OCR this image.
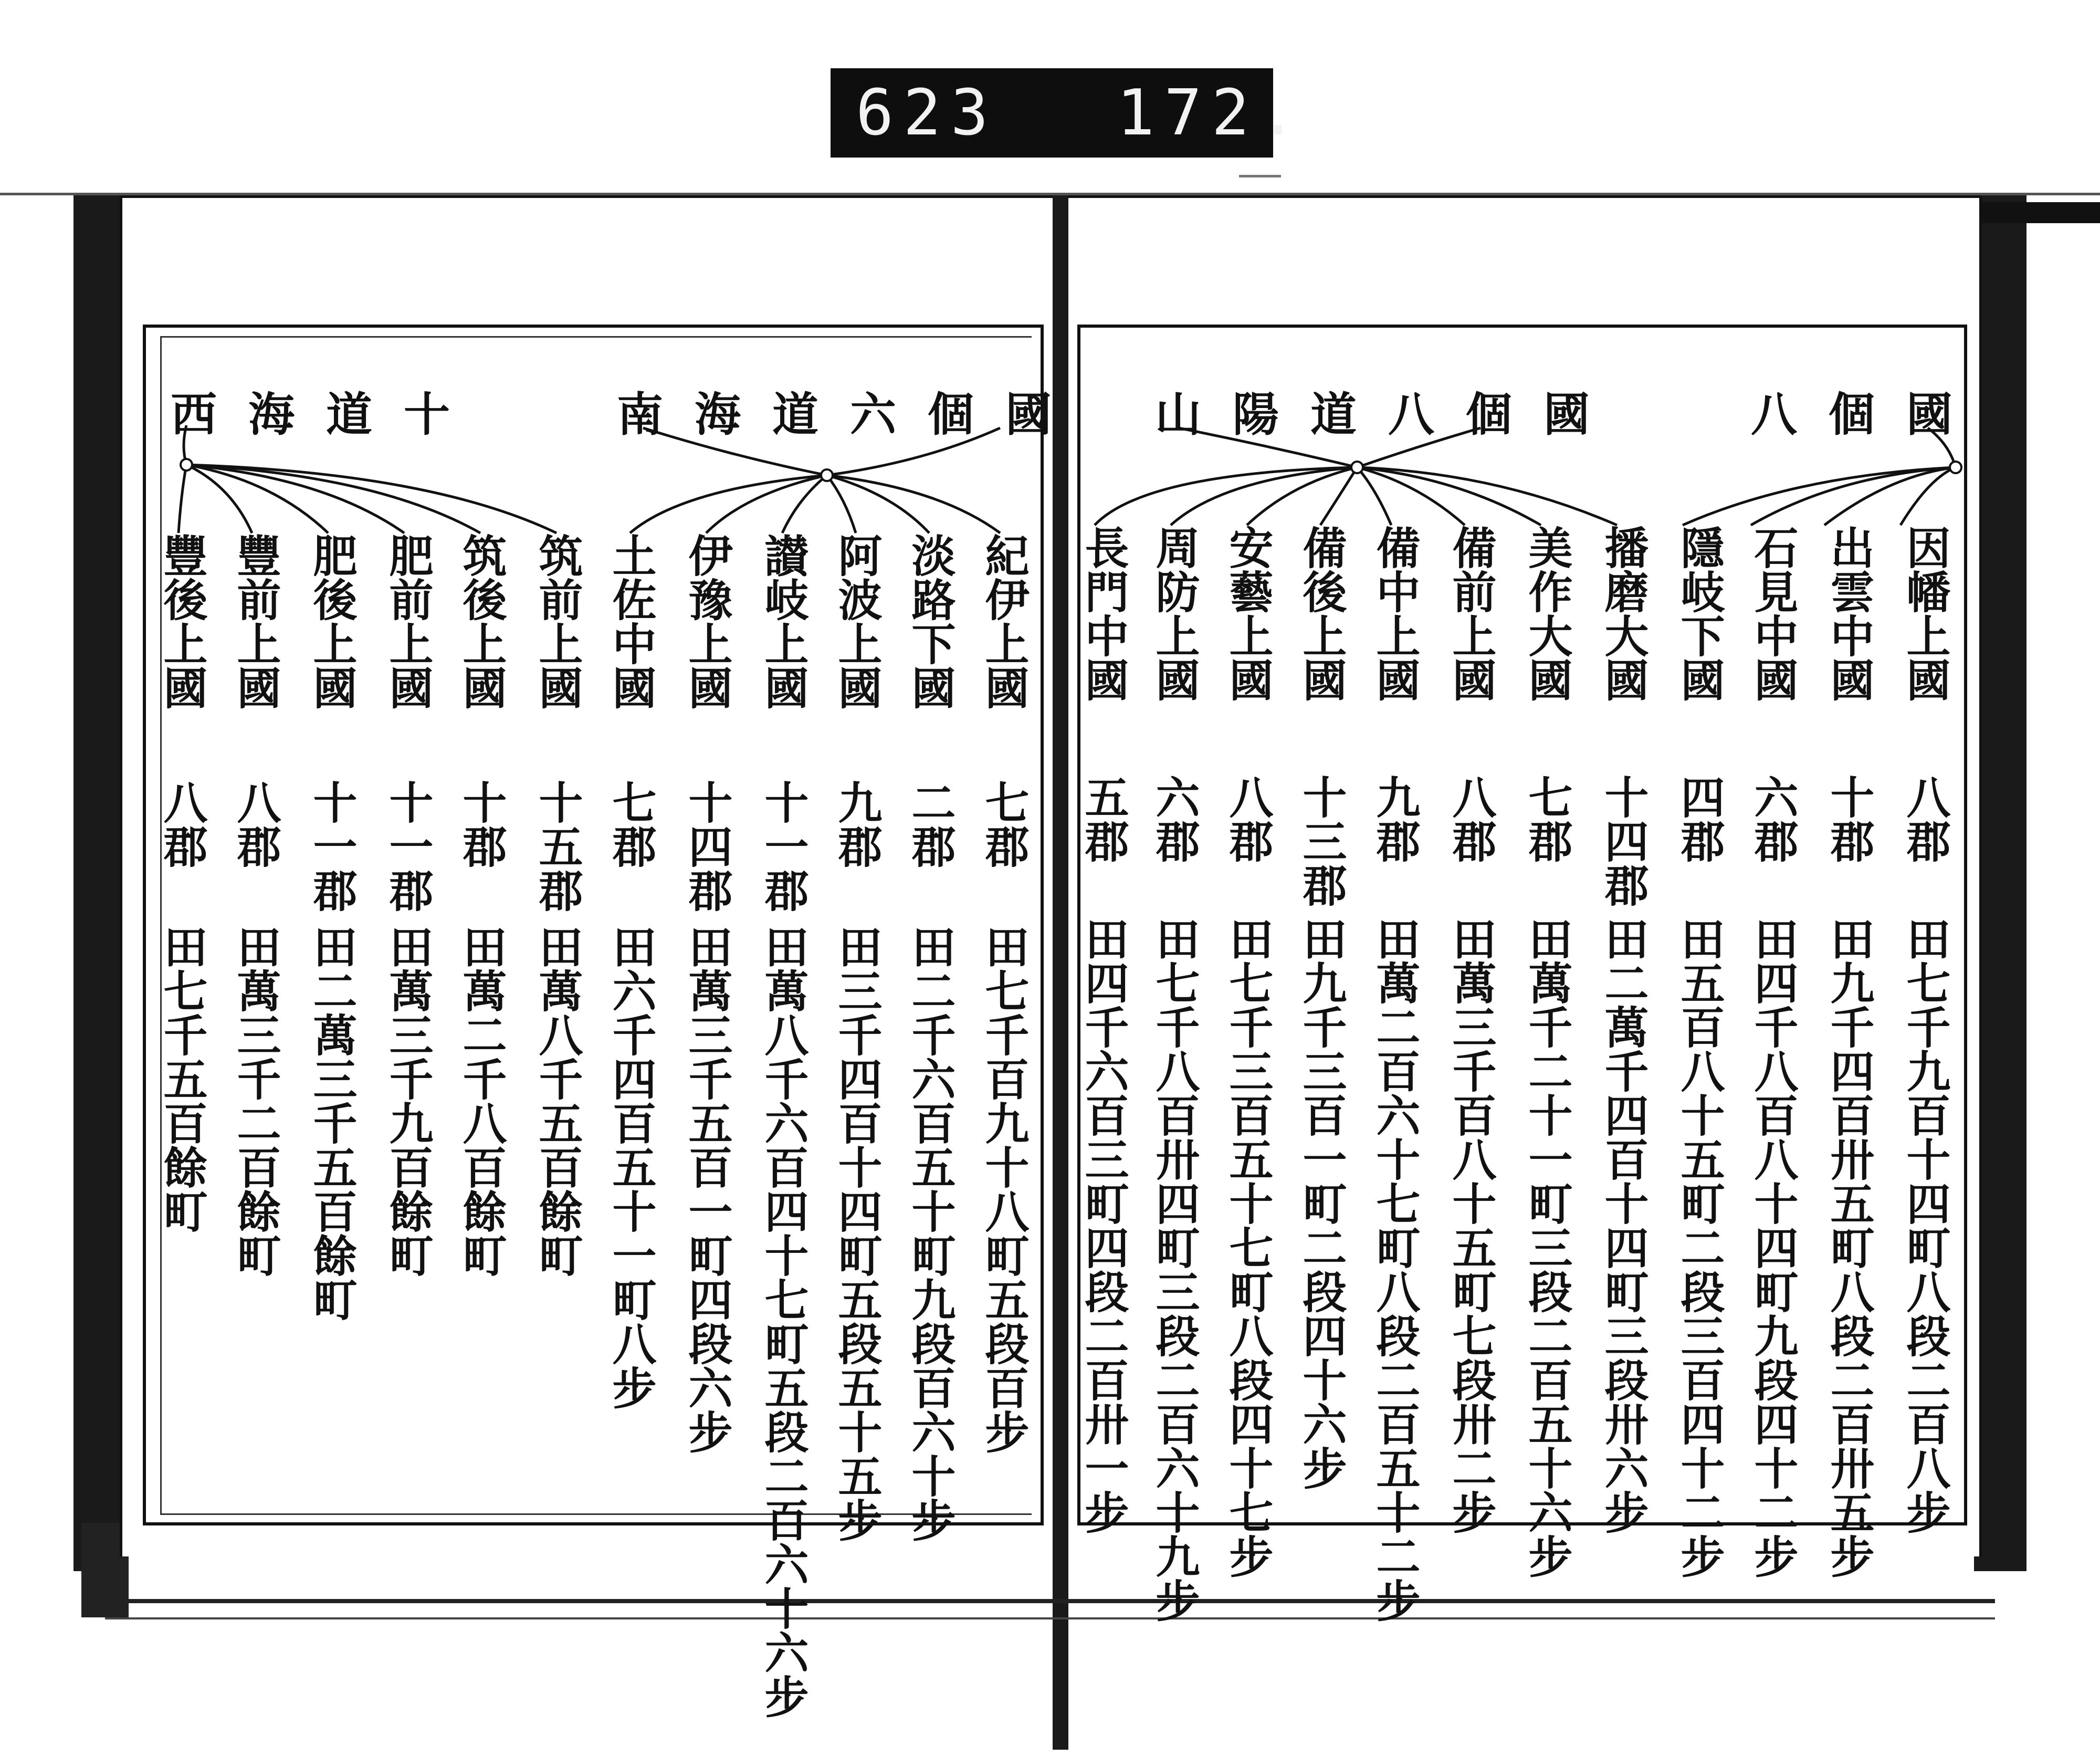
623 172.
八個國
山陽道八個國
南海道六個國
西海道十
因幡上國
八郡
田七千九百十四町八段二百八步
出雲中國
十郡
田九千四百卅五町八段二百卅五步
石見中國
六郡
田四千八百八十四町九段四十二步
隱岐下國
四郡
田五百八十五町二段三百四十二步
播磨大國
十四郡
田二萬千四百十四町三段卅六步
美作大國
七郡
田萬千二十一町三段二百五十六步
備前上國
八郡
田萬三千百八十五町七段卅二步
備中上國
九郡
田萬二百六十七町八段二百五十二步
備後上國
十三郡
田九千三百一町二段四十六步
安藝上國
八郡
田七千三百五十七町八段四十七步
周防上國
六郡
田七千八百卅四町三段二百六十九步
長門中國
五郡
田四千六百三町四段二百卅一步
紀伊上國
七郡
田七千百九十八町五段百步
淡路下國
二郡
田二千六百五十町九段百六十步
阿波上國
九郡
田三千四百十四町五段五十五步
讃岐上國
十一郡
田萬八千六百四十七町五段二百六十六步
伊豫上國
十四郡
田萬三千五百一町四段六步
土佐中國
七郡
田六千四百五十一町八步
筑前上國
十五郡
田萬八千五百餘町
筑後上國
十郡
田萬二千八百餘町
肥前上國
十一郡
田萬三千九百餘町
肥後上國
十一郡
田二萬三千五百餘町
豐前上國
八郡
田萬三千二百餘町
豐後上國
八郡
田七千五百餘町
